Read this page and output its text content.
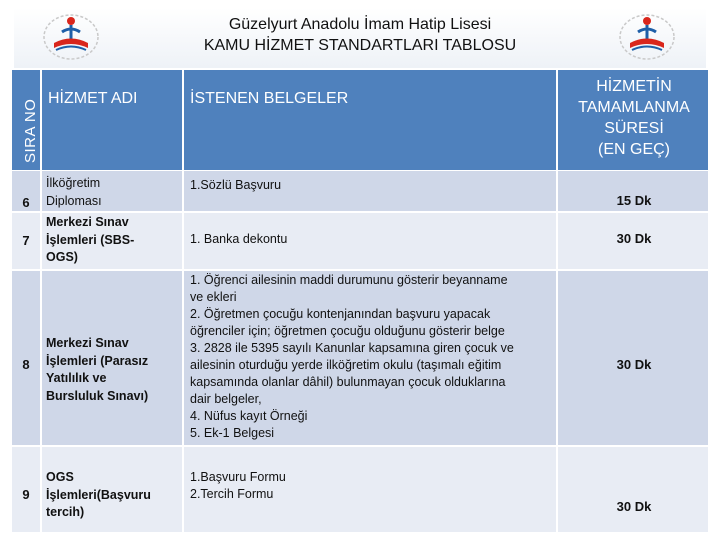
Güzelyurt Anadolu İmam Hatip Lisesi
KAMU HİZMET STANDARTLARI TABLOSU
SIRA NO
HİZMET ADI	İSTENEN BELGELER
HİZMETİN
TAMAMLANMA
SÜRESİ
(EN GEÇ)
6
İlköğretim
Diploması
1.Sözlü Başvuru
15 Dk
7
Merkezi Sınav
İşlemleri (SBS-
OGS)
1. Banka dekontu	30 Dk
8
Merkezi Sınav
İşlemleri (Parasız
Yatılılık ve
Bursluluk Sınavı)
1. Öğrenci ailesinin maddi durumunu gösterir beyanname
ve ekleri
2. Öğretmen çocuğu kontenjanından başvuru yapacak
öğrenciler için; öğretmen çocuğu olduğunu gösterir belge
3. 2828 ile 5395 sayılı Kanunlar kapsamına giren çocuk ve
ailesinin oturduğu yerde ilköğretim okulu (taşımalı eğitim
kapsamında olanlar dâhil) bulunmayan çocuk olduklarına
dair belgeler,
4. Nüfus kayıt Örneği
5. Ek-1 Belgesi
30 Dk
9
OGS
İşlemleri(Başvuru
tercih)
1.Başvuru Formu
2.Tercih Formu
30 Dk
